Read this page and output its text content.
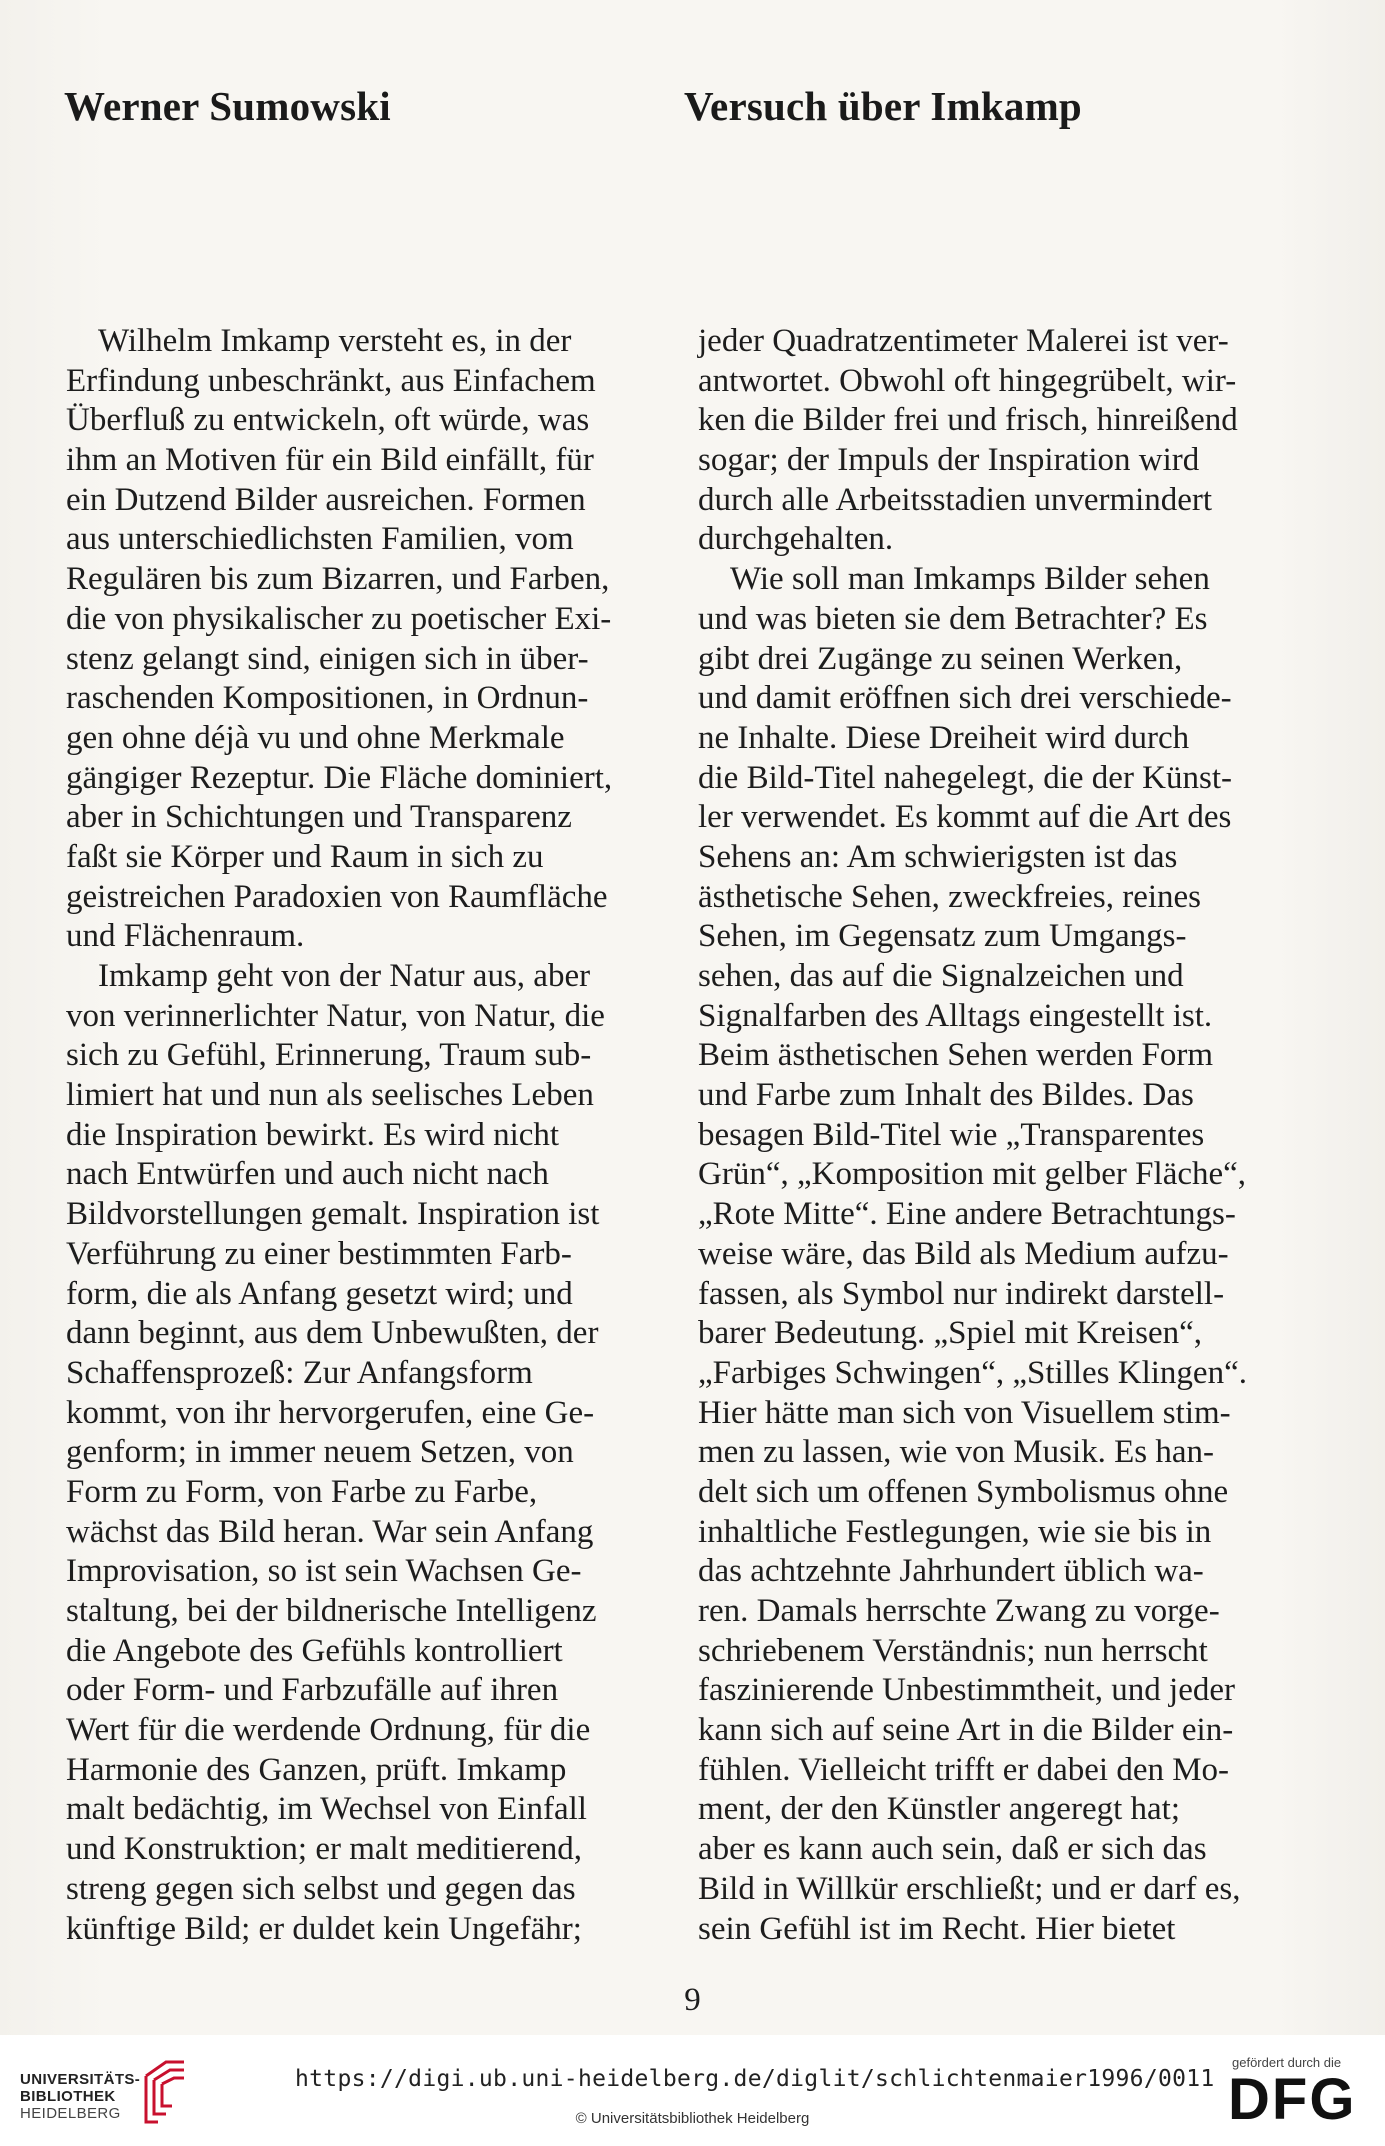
Werner Sumowski	Versuch über Imkamp
Wilhelm Imkamp versteht es, in der
Erfindung unbeschränkt, aus Einfachem
Überfluß zu entwickeln, oft würde, was
ihm an Motiven für ein Bild einfällt, für
ein Dutzend Bilder ausreichen. Formen
aus unterschiedlichsten Familien, vom
Regulären bis zum Bizarren, und Farben,
die von physikalischer zu poetischer Exi-
stenz gelangt sind, einigen sich in über-
raschenden Kompositionen, in Ordnun-
gen ohne déjà vu und ohne Merkmale
gängiger Rezeptur. Die Fläche dominiert,
aber in Schichtungen und Transparenz
faßt sie Körper und Raum in sich zu
geistreichen Paradoxien von Raumfläche
und Flächenraum.
Imkamp geht von der Natur aus, aber
von verinnerlichter Natur, von Natur, die
sich zu Gefühl, Erinnerung, Traum sub-
limiert hat und nun als seelisches Leben
die Inspiration bewirkt. Es wird nicht
nach Entwürfen und auch nicht nach
Bildvorstellungen gemalt. Inspiration ist
Verführung zu einer bestimmten Farb-
form, die als Anfang gesetzt wird; und
dann beginnt, aus dem Unbewußten, der
Schaffensprozeß: Zur Anfangsform
kommt, von ihr hervorgerufen, eine Ge-
genform; in immer neuem Setzen, von
Form zu Form, von Farbe zu Farbe,
wächst das Bild heran. War sein Anfang
Improvisation, so ist sein Wachsen Ge-
staltung, bei der bildnerische Intelligenz
die Angebote des Gefühls kontrolliert
oder Form- und Farbzufälle auf ihren
Wert für die werdende Ordnung, für die
Harmonie des Ganzen, prüft. Imkamp
malt bedächtig, im Wechsel von Einfall
und Konstruktion; er malt meditierend,
streng gegen sich selbst und gegen das
künftige Bild; er duldet kein Ungefähr;
jeder Quadratzentimeter Malerei ist ver-
antwortet. Obwohl oft hingegrübelt, wir-
ken die Bilder frei und frisch, hinreißend
sogar; der Impuls der Inspiration wird
durch alle Arbeitsstadien unvermindert
durchgehalten.
Wie soll man Imkamps Bilder sehen
und was bieten sie dem Betrachter? Es
gibt drei Zugänge zu seinen Werken,
und damit eröffnen sich drei verschiede-
ne Inhalte. Diese Dreiheit wird durch
die Bild-Titel nahegelegt, die der Künst-
ler verwendet. Es kommt auf die Art des
Sehens an: Am schwierigsten ist das
ästhetische Sehen, zweckfreies, reines
Sehen, im Gegensatz zum Umgangs-
sehen, das auf die Signalzeichen und
Signalfarben des Alltags eingestellt ist.
Beim ästhetischen Sehen werden Form
und Farbe zum Inhalt des Bildes. Das
besagen Bild-Titel wie „Transparentes
Grün“, „Komposition mit gelber Fläche“,
„Rote Mitte“. Eine andere Betrachtungs-
weise wäre, das Bild als Medium aufzu-
fassen, als Symbol nur indirekt darstell-
barer Bedeutung. „Spiel mit Kreisen“,
„Farbiges Schwingen“, „Stilles Klingen“.
Hier hätte man sich von Visuellem stim-
men zu lassen, wie von Musik. Es han-
delt sich um offenen Symbolismus ohne
inhaltliche Festlegungen, wie sie bis in
das achtzehnte Jahrhundert üblich wa-
ren. Damals herrschte Zwang zu vorge-
schriebenem Verständnis; nun herrscht
faszinierende Unbestimmtheit, und jeder
kann sich auf seine Art in die Bilder ein-
fühlen. Vielleicht trifft er dabei den Mo-
ment, der den Künstler angeregt hat;
aber es kann auch sein, daß er sich das
Bild in Willkür erschließt; und er darf es,
sein Gefühl ist im Recht. Hier bietet
9
UNIVERSITÄTS-
BIBLIOTHEK
HEIDELBERG
https://digi.ub.uni-heidelberg.de/diglit/schlichtenmaier1996/0011
© Universitätsbibliothek Heidelberg
gefördert durch die
DFG
